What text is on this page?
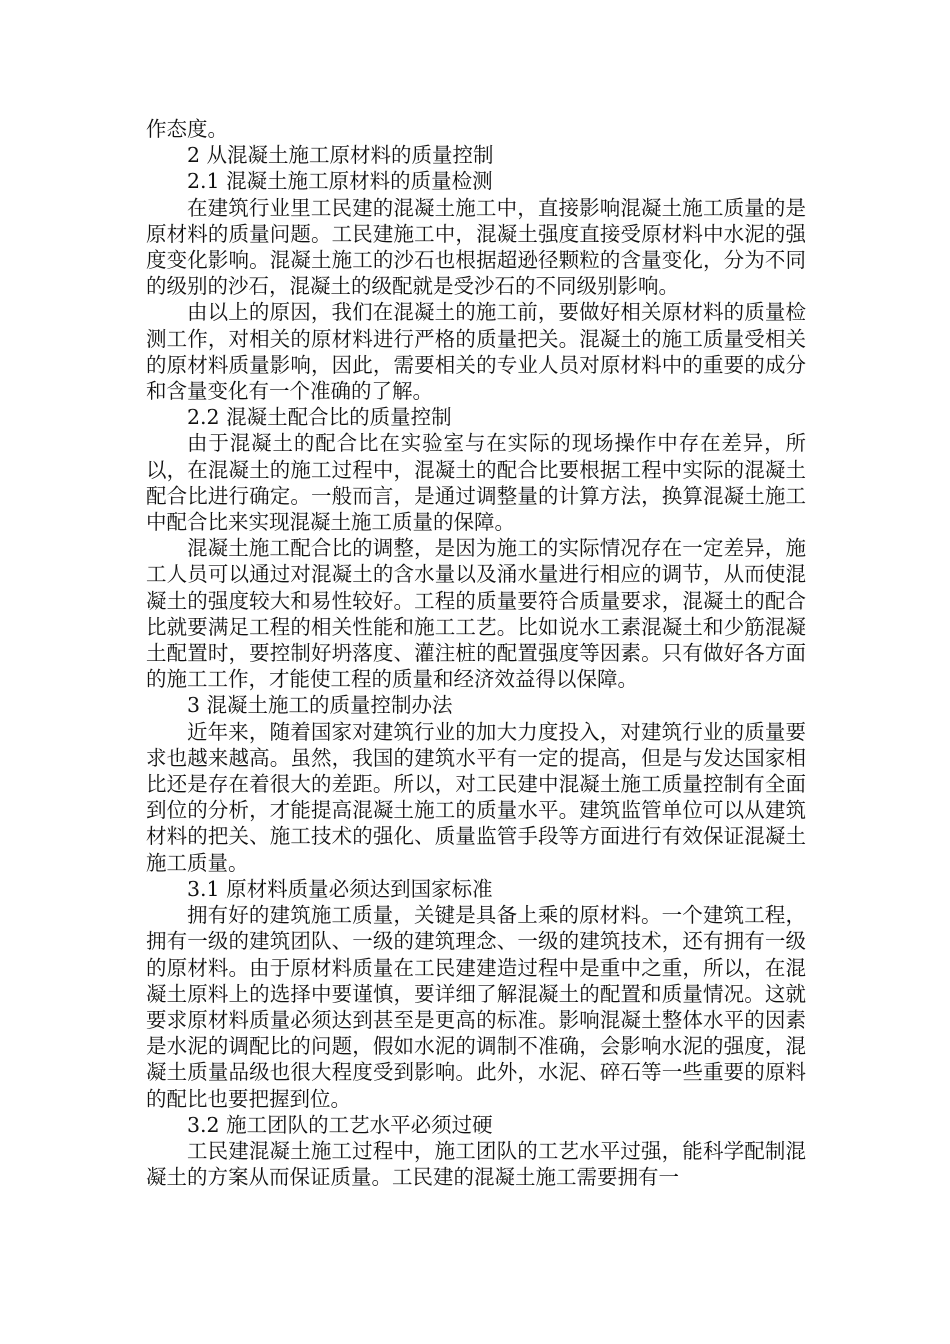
作态度。

2 从混凝土施工原材料的质量控制

2.1 混凝土施工原材料的质量检测

在建筑行业里工民建的混凝土施工中，直接影响混凝土施工质量的是原材料的质量问题。工民建施工中，混凝土强度直接受原材料中水泥的强度变化影响。混凝土施工的沙石也根据超逊径颗粒的含量变化，分为不同的级别的沙石，混凝土的级配就是受沙石的不同级别影响。

由以上的原因，我们在混凝土的施工前，要做好相关原材料的质量检测工作，对相关的原材料进行严格的质量把关。混凝土的施工质量受相关的原材料质量影响，因此，需要相关的专业人员对原材料中的重要的成分和含量变化有一个准确的了解。

2.2 混凝土配合比的质量控制

由于混凝土的配合比在实验室与在实际的现场操作中存在差异，所以，在混凝土的施工过程中，混凝土的配合比要根据工程中实际的混凝土配合比进行确定。一般而言，是通过调整量的计算方法，换算混凝土施工中配合比来实现混凝土施工质量的保障。

混凝土施工配合比的调整，是因为施工的实际情况存在一定差异，施工人员可以通过对混凝土的含水量以及涌水量进行相应的调节，从而使混凝土的强度较大和易性较好。工程的质量要符合质量要求，混凝土的配合比就要满足工程的相关性能和施工工艺。比如说水工素混凝土和少筋混凝土配置时，要控制好坍落度、灌注桩的配置强度等因素。只有做好各方面的施工工作，才能使工程的质量和经济效益得以保障。

3 混凝土施工的质量控制办法

近年来，随着国家对建筑行业的加大力度投入，对建筑行业的质量要求也越来越高。虽然，我国的建筑水平有一定的提高，但是与发达国家相比还是存在着很大的差距。所以，对工民建中混凝土施工质量控制有全面到位的分析，才能提高混凝土施工的质量水平。建筑监管单位可以从建筑材料的把关、施工技术的强化、质量监管手段等方面进行有效保证混凝土施工质量。

3.1 原材料质量必须达到国家标准

拥有好的建筑施工质量，关键是具备上乘的原材料。一个建筑工程，拥有一级的建筑团队、一级的建筑理念、一级的建筑技术，还有拥有一级的原材料。由于原材料质量在工民建建造过程中是重中之重，所以，在混凝土原料上的选择中要谨慎，要详细了解混凝土的配置和质量情况。这就要求原材料质量必须达到甚至是更高的标准。影响混凝土整体水平的因素是水泥的调配比的问题，假如水泥的调制不准确，会影响水泥的强度，混凝土质量品级也很大程度受到影响。此外，水泥、碎石等一些重要的原料的配比也要把握到位。

3.2 施工团队的工艺水平必须过硬

工民建混凝土施工过程中，施工团队的工艺水平过强，能科学配制混凝土的方案从而保证质量。工民建的混凝土施工需要拥有一
